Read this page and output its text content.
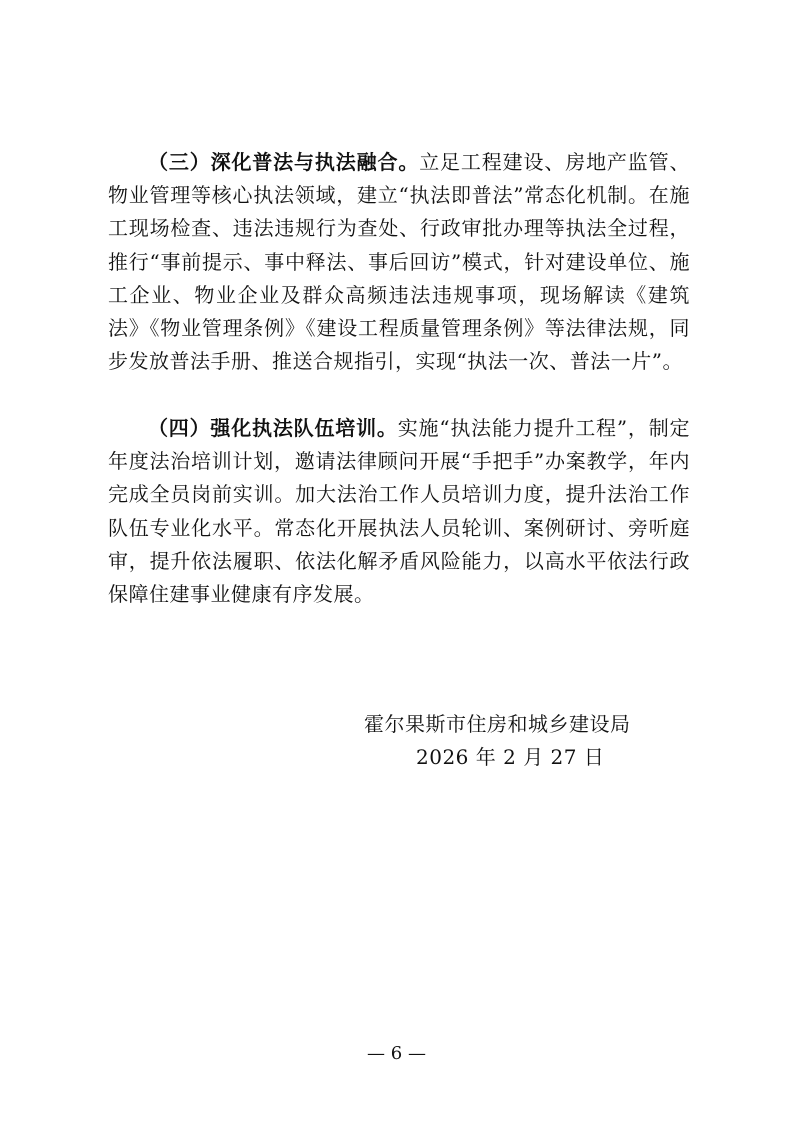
（三）深化普法与执法融合。立足工程建设、房地产监管、物业管理等核心执法领域，建立“执法即普法”常态化机制。在施工现场检查、违法违规行为查处、行政审批办理等执法全过程，推行“事前提示、事中释法、事后回访”模式，针对建设单位、施工企业、物业企业及群众高频违法违规事项，现场解读《建筑法》《物业管理条例》《建设工程质量管理条例》等法律法规，同步发放普法手册、推送合规指引，实现“执法一次、普法一片”。

（四）强化执法队伍培训。实施“执法能力提升工程”，制定年度法治培训计划，邀请法律顾问开展“手把手”办案教学，年内完成全员岗前实训。加大法治工作人员培训力度，提升法治工作队伍专业化水平。常态化开展执法人员轮训、案例研讨、旁听庭审，提升依法履职、依法化解矛盾风险能力，以高水平依法行政保障住建事业健康有序发展。

霍尔果斯市住房和城乡建设局
2026 年 2 月 27 日
— 6 —
